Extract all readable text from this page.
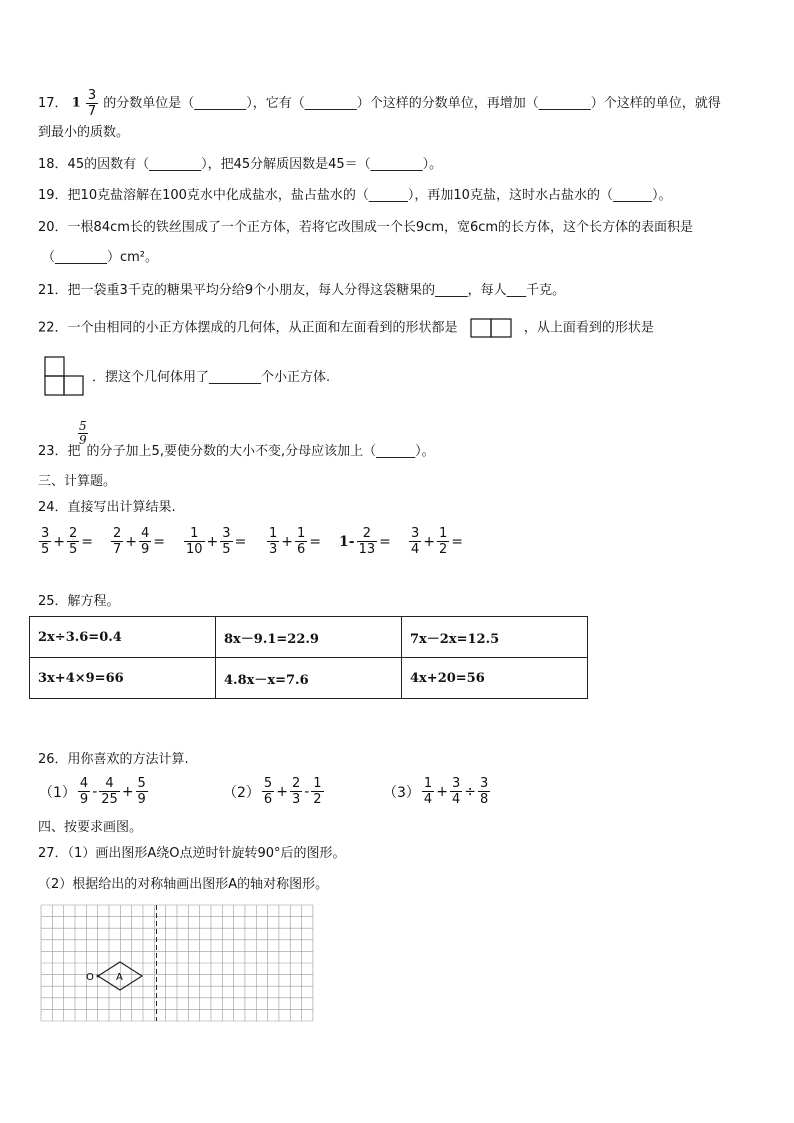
17． $1 \frac{3}{7}$ 的分数单位是（________），它有（________）个这样的分数单位，再增加（________）个这样的单位，就得
到最小的质数。
18．45的因数有（________），把45分解质因数是45＝（________）。
19．把10克盐溶解在100克水中化成盐水，盐占盐水的（______），再加10克盐，这时水占盐水的（______）。
20．一根84cm长的铁丝围成了一个正方体，若将它改围成一个长9cm，宽6cm的长方体，这个长方体的表面积是
（________）cm²。
21．把一袋重3千克的糖果平均分给9个小朋友，每人分得这袋糖果的_____，每人___千克。
22．一个由相同的小正方体摆成的几何体，从正面和左面看到的形状都是	，从上面看到的形状是
．摆这个几何体用了________个小正方体.
5
9
23．把 的分子加上5,要使分数的大小不变,分母应该加上（______）。
三、计算题。
24．直接写出计算结果.
$\frac{3}{5} + \frac{2}{5} = \frac{2}{7} + \frac{4}{9} = \frac{1}{10} + \frac{3}{5} = \frac{1}{3} + \frac{1}{6} = 1- \frac{2}{13} = \frac{3}{4} + \frac{1}{2}$ =
25．解方程。
2x÷3.6=0.4	8x－9.1=22.9	7x－2x=12.5
3x+4×9=66	4.8x－x=7.6	4x+20=56
26．用你喜欢的方法计算.
$(1) \frac{4}{9} - \frac{4}{25} + \frac{5}{9}$	$(2) \frac{5}{6} + \frac{2}{3} - \frac{1}{2}$	$(3) \frac{1}{4} + \frac{3}{4} \div \frac{3}{8}$
四、按要求画图。
27．（1）画出图形A绕O点逆时针旋转90°后的图形。
（2）根据给出的对称轴画出图形A的轴对称图形。
O A
